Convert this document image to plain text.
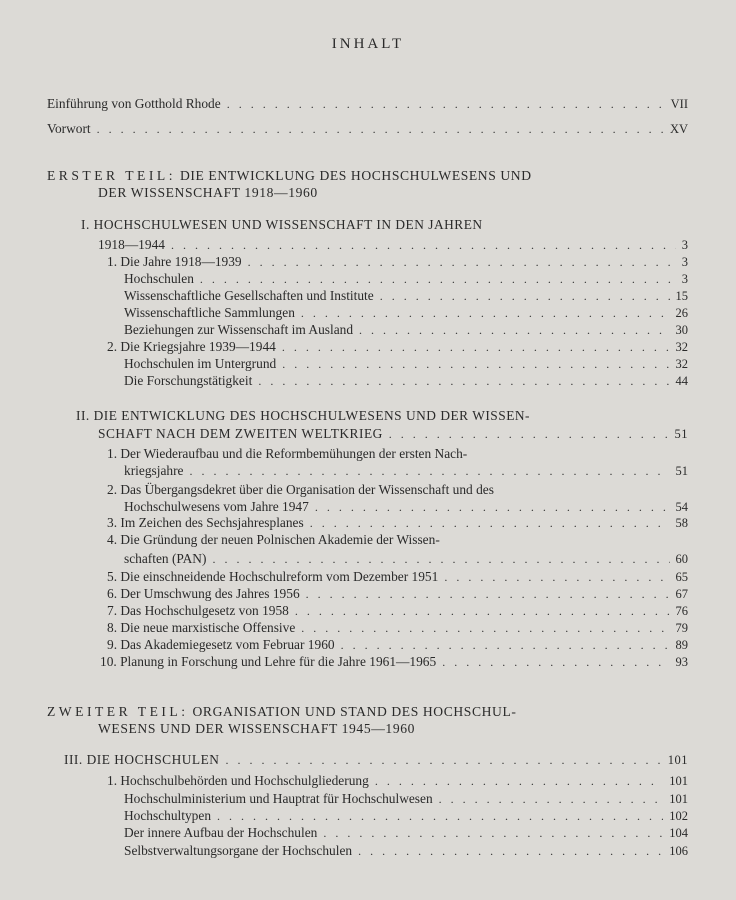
INHALT
Einführung von Gotthold Rhode . . .	VII
Vorwort . . .	XV
ERSTER TEIL: DIE ENTWICKLUNG DES HOCHSCHULWESENS UND
DER WISSENSCHAFT 1918—1960
I. HOCHSCHULWESEN UND WISSENSCHAFT IN DEN JAHREN
1918—1944 . . .	3
1. Die Jahre 1918—1939 . . .	3
Hochschulen . . .	3
Wissenschaftliche Gesellschaften und Institute . . .	15
Wissenschaftliche Sammlungen . . .	26
Beziehungen zur Wissenschaft im Ausland . . .	30
2. Die Kriegsjahre 1939—1944 . . .	32
Hochschulen im Untergrund . . .	32
Die Forschungstätigkeit . . .	44
II. DIE ENTWICKLUNG DES HOCHSCHULWESENS UND DER WISSEN-
SCHAFT NACH DEM ZWEITEN WELTKRIEG . . .	51
1. Der Wiederaufbau und die Reformbemühungen der ersten Nach-
kriegsjahre . . .	51
2. Das Übergangsdekret über die Organisation der Wissenschaft und des
Hochschulwesens vom Jahre 1947 . . .	54
3. Im Zeichen des Sechsjahresplanes . . .	58
4. Die Gründung der neuen Polnischen Akademie der Wissen-
schaften (PAN) . . .	60
5. Die einschneidende Hochschulreform vom Dezember 1951 . . .	65
6. Der Umschwung des Jahres 1956 . . .	67
7. Das Hochschulgesetz von 1958 . . .	76
8. Die neue marxistische Offensive . . .	79
9. Das Akademiegesetz vom Februar 1960 . . .	89
10. Planung in Forschung und Lehre für die Jahre 1961—1965 . . .	93
ZWEITER TEIL: ORGANISATION UND STAND DES HOCHSCHUL-
WESENS UND DER WISSENSCHAFT 1945—1960
III. DIE HOCHSCHULEN . . .	101
1. Hochschulbehörden und Hochschulgliederung . . .	101
Hochschulministerium und Hauptrat für Hochschulwesen . . .	101
Hochschultypen . . .	102
Der innere Aufbau der Hochschulen . . .	104
Selbstverwaltungsorgane der Hochschulen . . .	106
